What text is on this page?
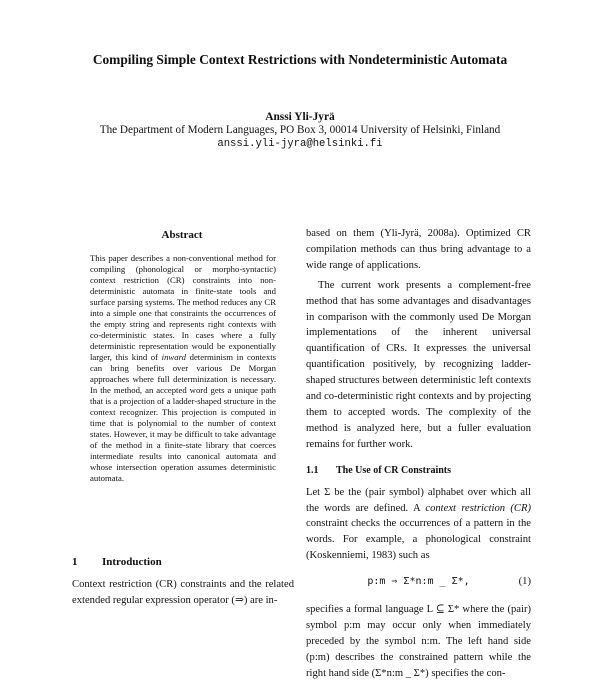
Compiling Simple Context Restrictions with Nondeterministic Automata
Anssi Yli-Jyrä
The Department of Modern Languages, PO Box 3, 00014 University of Helsinki, Finland
anssi.yli-jyra@helsinki.fi
Abstract

This paper describes a non-conventional method for compiling (phonological or morpho-syntactic) context restriction (CR) constraints into non-deterministic automata in finite-state tools and surface parsing systems. The method reduces any CR into a simple one that constraints the occurrences of the empty string and represents right contexts with co-deterministic states. In cases where a fully deterministic representation would be exponentially larger, this kind of inward determinism in contexts can bring benefits over various De Morgan approaches where full determinization is necessary. In the method, an accepted word gets a unique path that is a projection of a ladder-shaped structure in the context recognizer. This projection is computed in time that is polynomial to the number of context states. However, it may be difficult to take advantage of the method in a finite-state library that coerces intermediate results into canonical automata and whose intersection operation assumes deterministic automata.

1 Introduction

Context restriction (CR) constraints and the related extended regular expression operator (⇒) are in-

based on them (Yli-Jyrä, 2008a). Optimized CR compilation methods can thus bring advantage to a wide range of applications.

The current work presents a complement-free method that has some advantages and disadvantages in comparison with the commonly used De Morgan implementations of the inherent universal quantification of CRs. It expresses the universal quantification positively, by recognizing ladder-shaped structures between deterministic left contexts and co-deterministic right contexts and by projecting them to accepted words. The complexity of the method is analyzed here, but a fuller evaluation remains for further work.

1.1 The Use of CR Constraints

Let Σ be the (pair symbol) alphabet over which all the words are defined. A context restriction (CR) constraint checks the occurrences of a pattern in the words. For example, a phonological constraint (Koskenniemi, 1983) such as

p:m ⇒ Σ*n:m _ Σ*,	(1)

specifies a formal language L ⊆ Σ* where the (pair) symbol p:m may occur only when immediately preceded by the symbol n:m. The left hand side (p:m) describes the constrained pattern while the right hand side (Σ*n:m _ Σ*) specifies the con-
